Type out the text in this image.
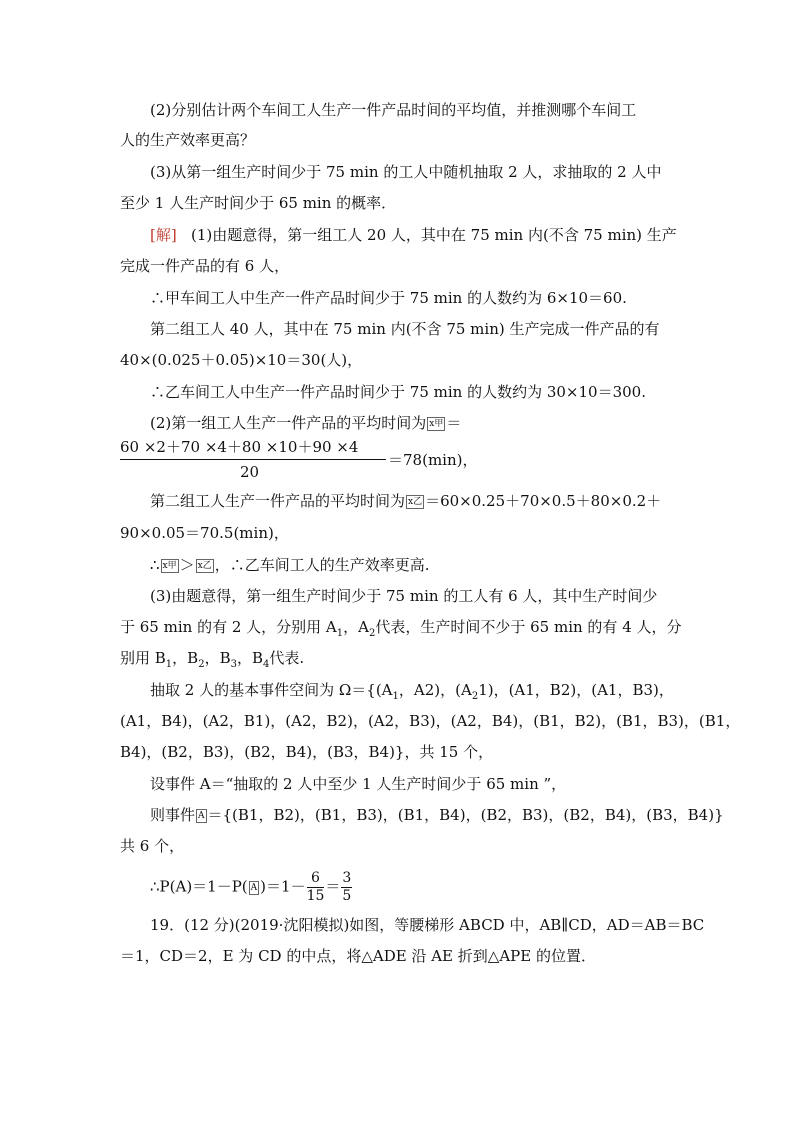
(2)分别估计两个车间工人生产一件产品时间的平均值，并推测哪个车间工
人的生产效率更高？
(3)从第一组生产时间少于 75 min 的工人中随机抽取 2 人，求抽取的 2 人中
至少 1 人生产时间少于 65 min 的概率．
[解] (1)由题意得，第一组工人 20 人，其中在 75 min 内(不含 75 min) 生产
完成一件产品的有 6 人，
∴甲车间工人中生产一件产品时间少于 75 min 的人数约为 6×10＝60.
第二组工人 40 人，其中在 75 min 内(不含 75 min) 生产完成一件产品的有
40×(0.025＋0.05)×10＝30(人)，
∴乙车间工人中生产一件产品时间少于 75 min 的人数约为 30×10＝300.
(2)第一组工人生产一件产品的平均时间为 x甲 ＝
60 ×2＋70 ×4＋80 ×10＋90 ×4
20
＝78(min)，
第二组工人生产一件产品的平均时间为 x乙 ＝60×0.25＋70×0.5＋80×0.2＋
90×0.05＝70.5(min)，
∴ x甲 ＞ x乙 ，∴乙车间工人的生产效率更高.
(3)由题意得，第一组生产时间少于 75 min 的工人有 6 人，其中生产时间少
于 65 min 的有 2 人，分别用 $A_1$，$A_2$代表，生产时间不少于 65 min 的有 4 人，分
别用 $B_1$，$B_2$，$B_3$，$B_4$代表.
抽取 2 人的基本事件空间为 $\Omega=\{(A_1$，A2)，$(A_21)$，(A1，B2)，(A1，B3)，
(A1，B4)，(A2，B1)，(A2，B2)，(A2，B3)，(A2，B4)，(B1，B2)，(B1，B3)，(B1，
B4)，(B2，B3)，(B2，B4)，(B3，B4)}，共 15 个，
设事件 A＝“抽取的 2 人中至少 1 人生产时间少于 65 min ”，
则事件 A ＝{(B1，B2)，(B1，B3)，(B1，B4)，(B2，B3)，(B2，B4)，(B3，B4)}
共 6 个，
∴P(A)＝1－P( A )$=1- \frac{6}{15} = \frac{3}{5}$
19．(12 分)(2019·沈阳模拟)如图，等腰梯形 ABCD 中，AB∥CD，AD＝AB＝BC
＝1，CD＝2，E 为 CD 的中点，将△ADE 沿 AE 折到△APE 的位置．
